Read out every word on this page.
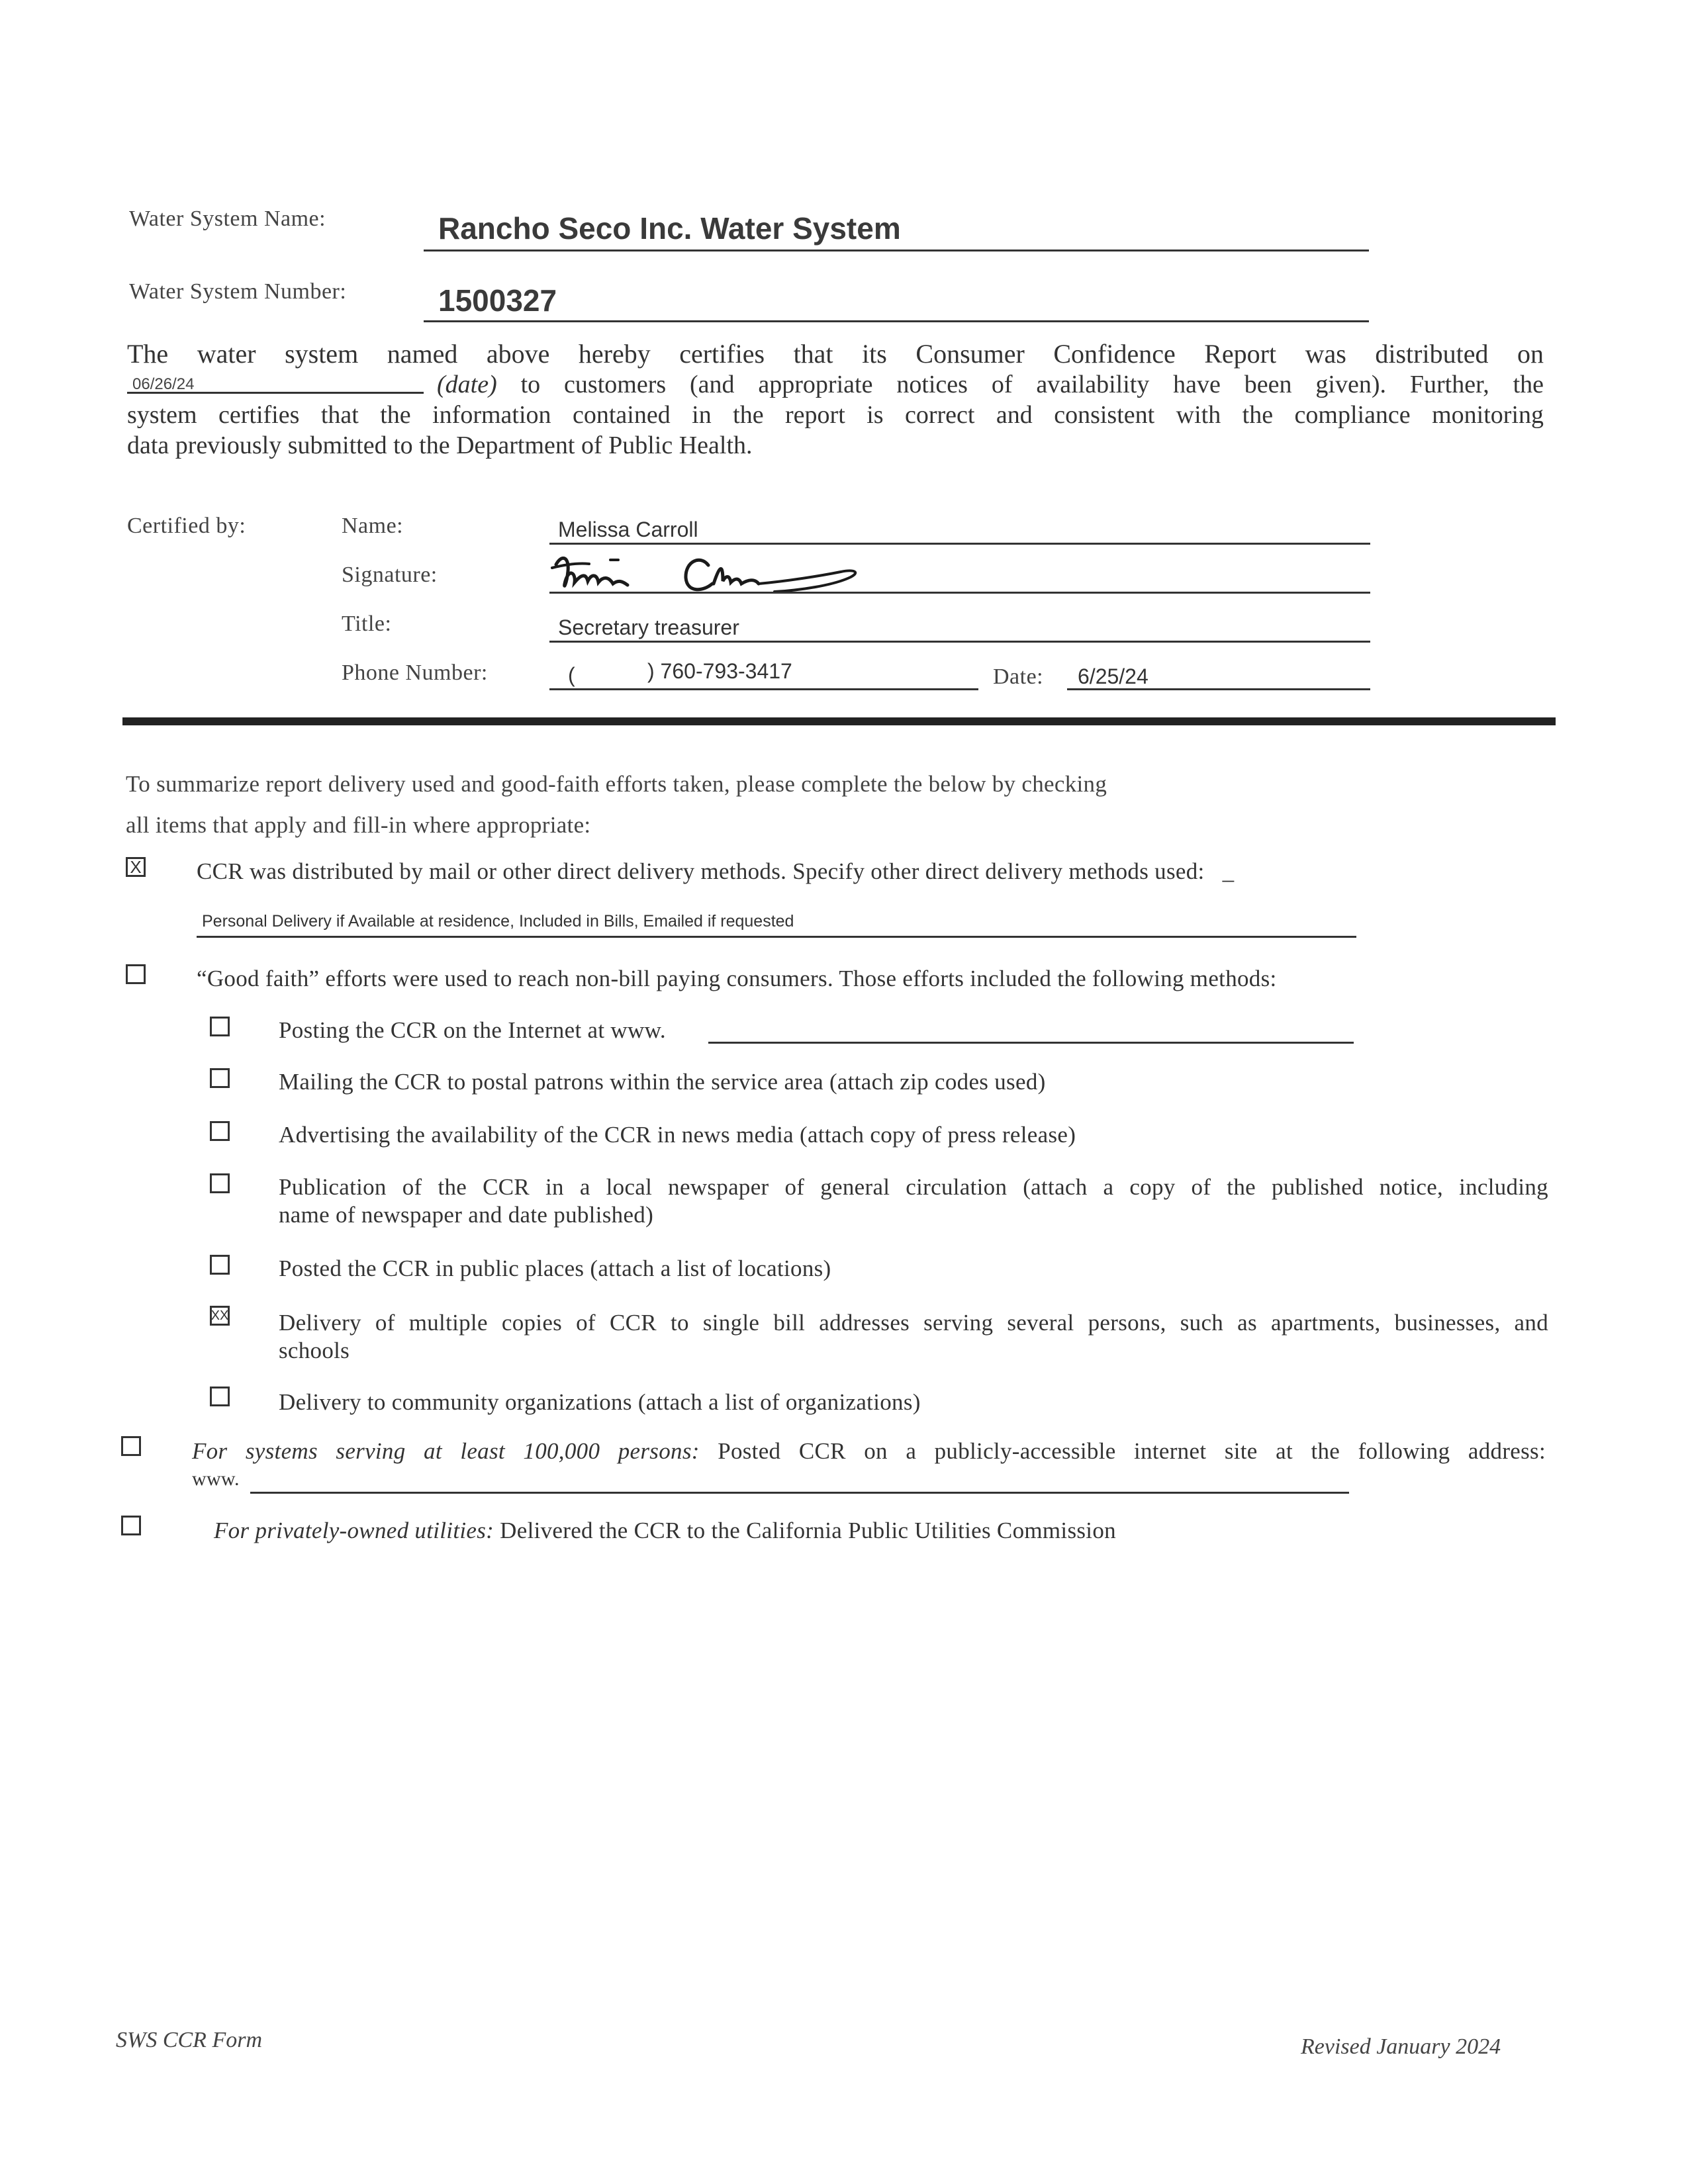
Water System Name:	Rancho Seco Inc. Water System
Water System Number:	1500327
The water system named above hereby certifies that its Consumer Confidence Report was distributed on
06/26/24	(date) to customers (and appropriate notices of availability have been given). Further, the
system certifies that the information contained in the report is correct and consistent with the compliance monitoring
data previously submitted to the Department of Public Health.
Certified by:	Name:	Melissa Carroll
Signature:
Title:	Secretary treasurer
Phone Number:	(	) 760-793-3417	Date: 6/25/24
To summarize report delivery used and good-faith efforts taken, please complete the below by checking
all items that apply and fill-in where appropriate:
X CCR was distributed by mail or other direct delivery methods. Specify other direct delivery methods used: _
Personal Delivery if Available at residence, Included in Bills, Emailed if requested
“Good faith” efforts were used to reach non-bill paying consumers. Those efforts included the following methods:
Posting the CCR on the Internet at www.
Mailing the CCR to postal patrons within the service area (attach zip codes used)
Advertising the availability of the CCR in news media (attach copy of press release)
Publication of the CCR in a local newspaper of general circulation (attach a copy of the published notice, including
name of newspaper and date published)
Posted the CCR in public places (attach a list of locations)
XX Delivery of multiple copies of CCR to single bill addresses serving several persons, such as apartments, businesses, and
schools
Delivery to community organizations (attach a list of organizations)
For systems serving at least 100,000 persons: Posted CCR on a publicly-accessible internet site at the following address:
www.
For privately-owned utilities: Delivered the CCR to the California Public Utilities Commission
SWS CCR Form	Revised January 2024
